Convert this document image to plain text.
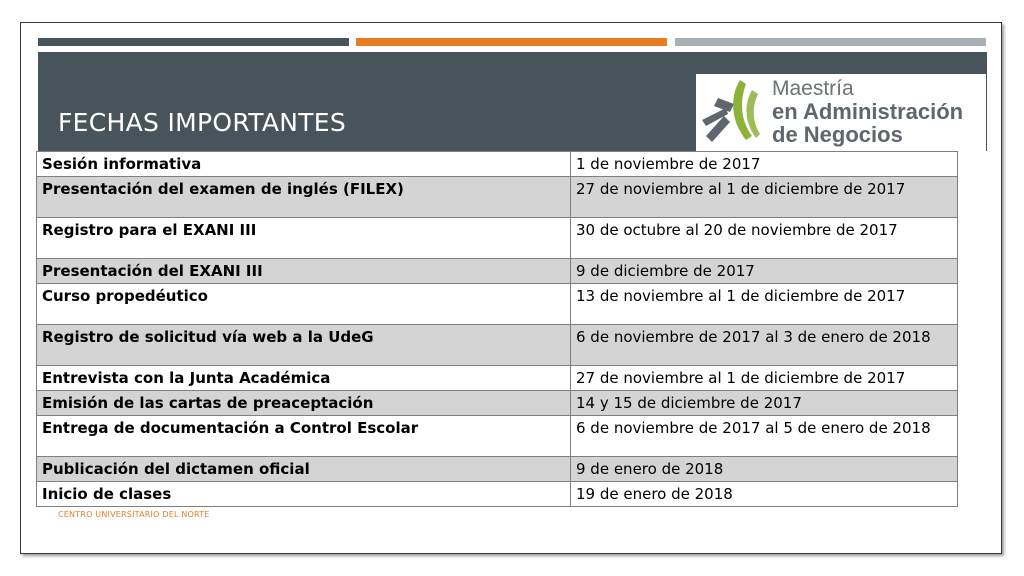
FECHAS IMPORTANTES
Maestría
en Administración
de Negocios
Sesión informativa	1 de noviembre de 2017
Presentación del examen de inglés (FILEX)	27 de noviembre al 1 de diciembre de 2017
Registro para el EXANI III	30 de octubre al 20 de noviembre de 2017
Presentación del EXANI III	9 de diciembre de 2017
Curso propedéutico	13 de noviembre al 1 de diciembre de 2017
Registro de solicitud vía web a la UdeG	6 de noviembre de 2017 al 3 de enero de 2018
Entrevista con la Junta Académica	27 de noviembre al 1 de diciembre de 2017
Emisión de las cartas de preaceptación	14 y 15 de diciembre de 2017
Entrega de documentación a Control Escolar	6 de noviembre de 2017 al 5 de enero de 2018
Publicación del dictamen oficial	9 de enero de 2018
Inicio de clases	19 de enero de 2018
CENTRO UNIVERSITARIO DEL NORTE
